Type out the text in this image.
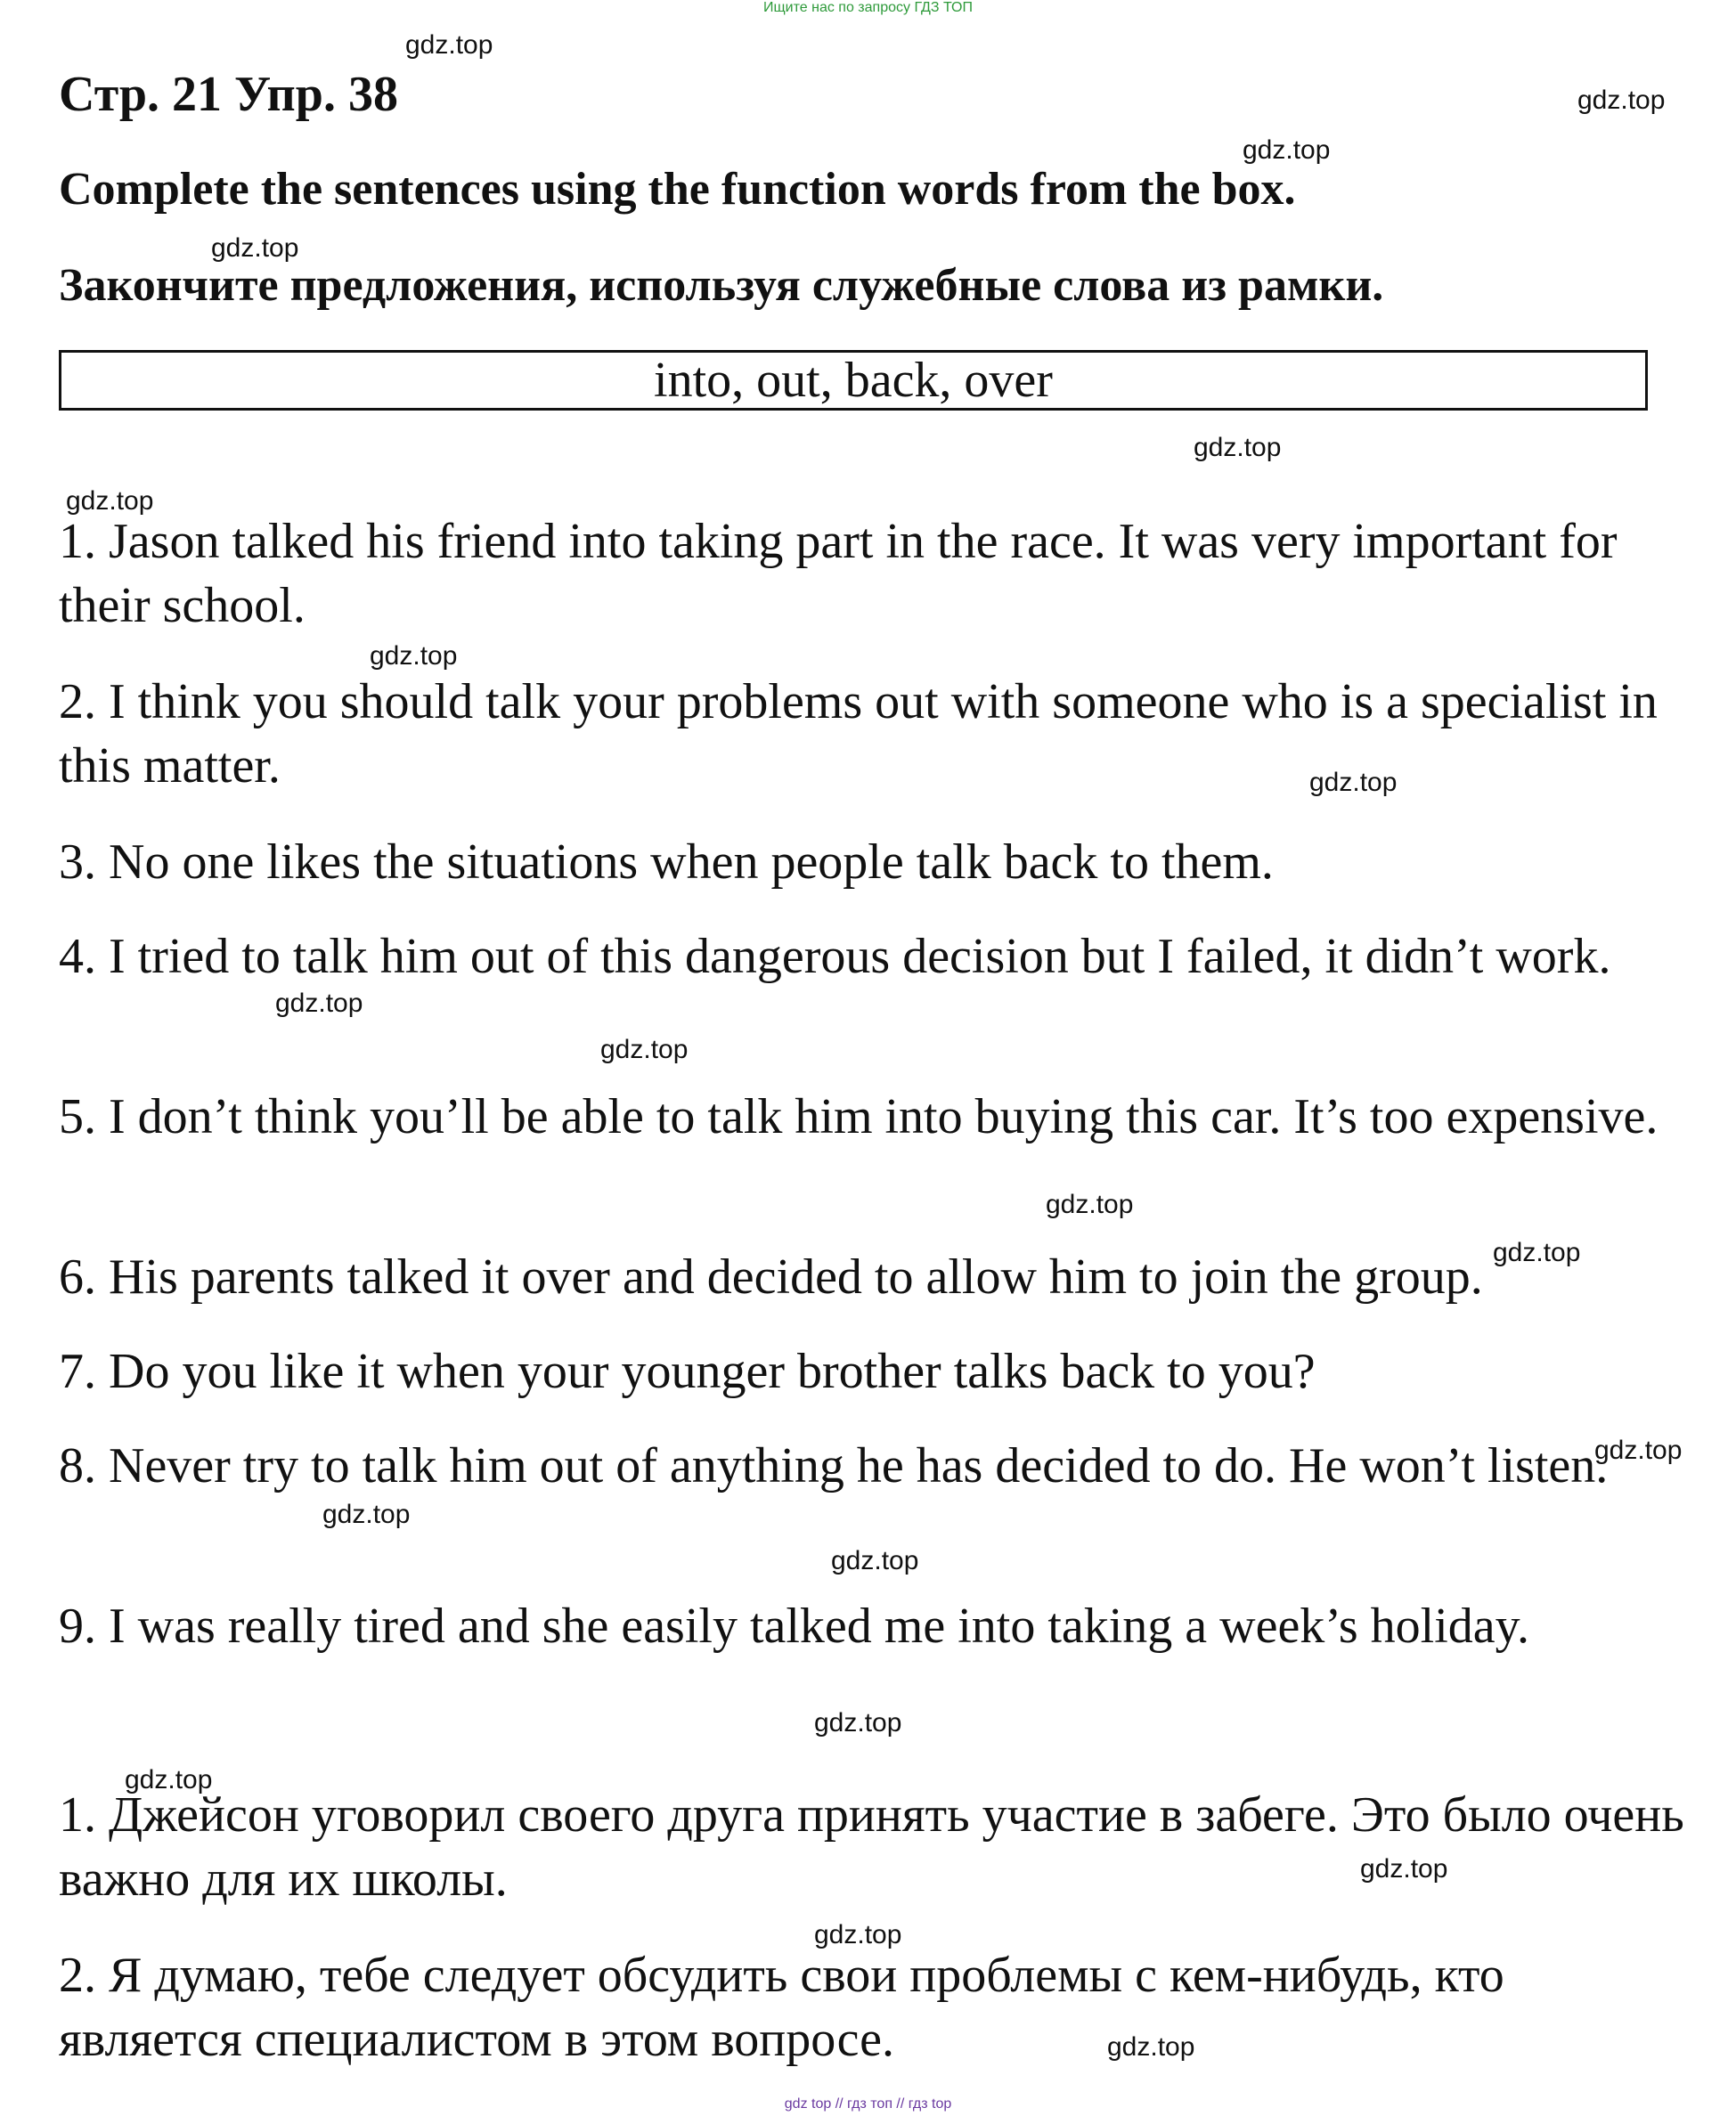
Ищите нас по запросу ГДЗ ТОП
Стр. 21 Упр. 38

Complete the sentences using the function words from the box.

Закончите предложения, используя служебные слова из рамки.

into, out, back, over

1. Jason talked his friend into taking part in the race. It was very important for their school.

2. I think you should talk your problems out with someone who is a specialist in this matter.

3. No one likes the situations when people talk back to them.

4. I tried to talk him out of this dangerous decision but I failed, it didn’t work.

5. I don’t think you’ll be able to talk him into buying this car. It’s too expensive.

6. His parents talked it over and decided to allow him to join the group.

7. Do you like it when your younger brother talks back to you?

8. Never try to talk him out of anything he has decided to do. He won’t listen.

9. I was really tired and she easily talked me into taking a week’s holiday.

1. Джейсон уговорил своего друга принять участие в забеге. Это было очень важно для их школы.

2. Я думаю, тебе следует обсудить свои проблемы с кем-нибудь, кто является специалистом в этом вопросе.

gdz.top
gdz.top
gdz.top
gdz.top
gdz.top
gdz.top
gdz.top
gdz.top
gdz.top
gdz.top
gdz.top
gdz.top
gdz.top
gdz.top
gdz.top
gdz.top
gdz.top
gdz.top
gdz.top
gdz.top
gdz top // гдз топ // гдз top
